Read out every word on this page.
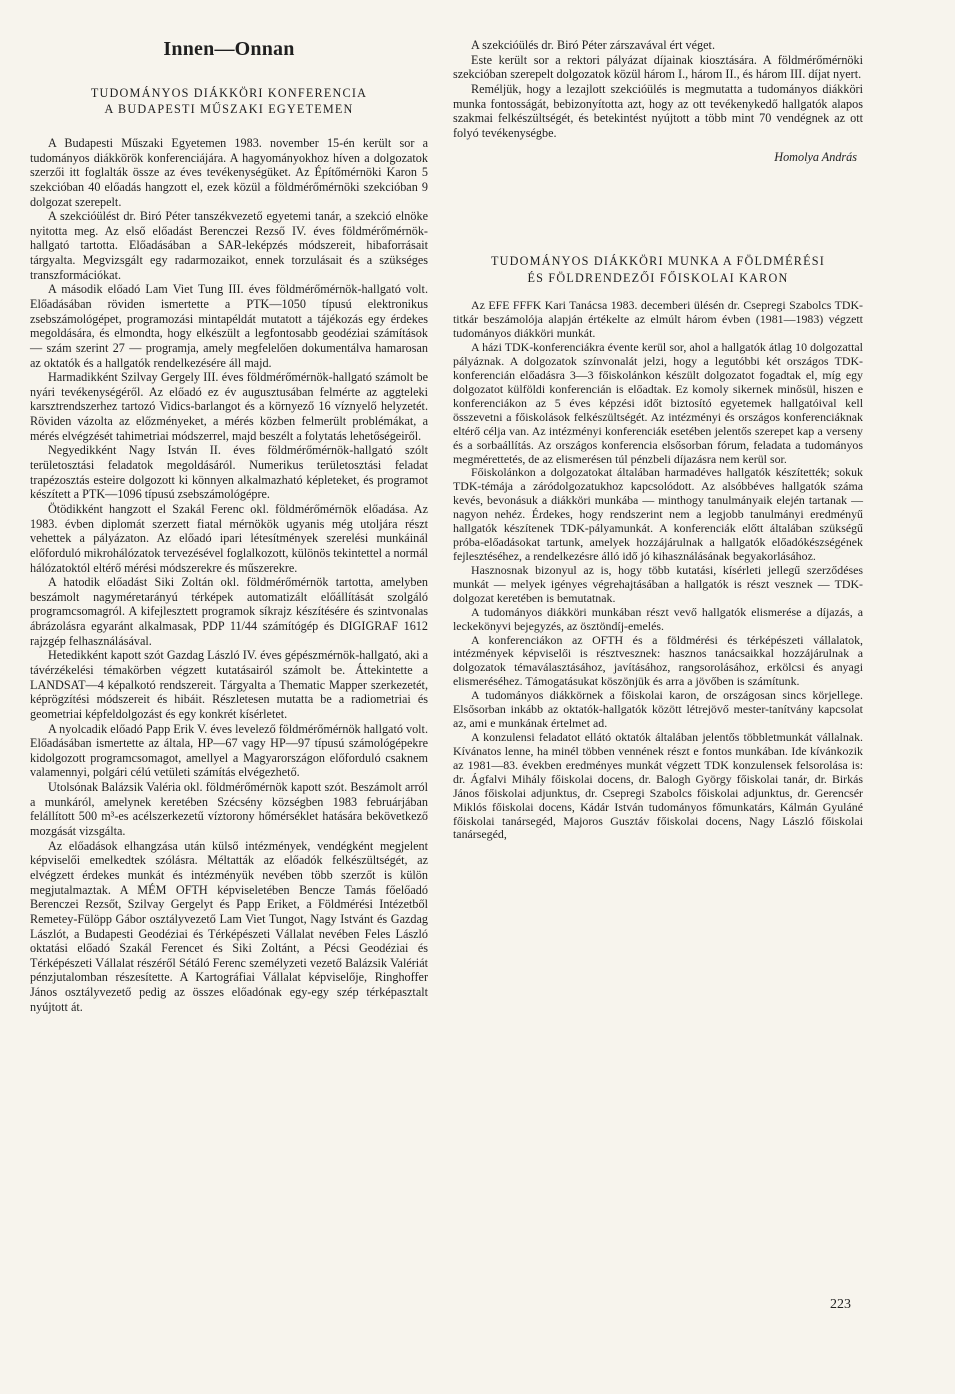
Innen—Onnan
TUDOMÁNYOS DIÁKKÖRI KONFERENCIA
A BUDAPESTI MŰSZAKI EGYETEMEN

A Budapesti Műszaki Egyetemen 1983. november 15-én került sor a tudományos diákkörök konferenciájára. A hagyományokhoz híven a dolgozatok szerzői itt foglalták össze az éves tevékenységüket. Az Építőmérnöki Karon 5 szekcióban 40 előadás hangzott el, ezek közül a földmérőmérnöki szekcióban 9 dolgozat szerepelt.

A szekcióülést dr. Biró Péter tanszékvezető egyetemi tanár, a szekció elnöke nyitotta meg. Az első előadást Berenczei Rezső IV. éves földmérőmérnök-hallgató tartotta. Előadásában a SAR-leképzés módszereit, hibaforrásait tárgyalta. Megvizsgált egy radarmozaikot, ennek torzulásait és a szükséges transzformációkat.

A második előadó Lam Viet Tung III. éves földmérőmérnök-hallgató volt. Előadásában röviden ismertette a PTK—1050 típusú elektronikus zsebszámológépet, programozási mintapéldát mutatott a tájékozás egy érdekes megoldására, és elmondta, hogy elkészült a legfontosabb geodéziai számítások — szám szerint 27 — programja, amely megfelelően dokumentálva hamarosan az oktatók és a hallgatók rendelkezésére áll majd.

Harmadikként Szilvay Gergely III. éves földmérőmérnök-hallgató számolt be nyári tevékenységéről. Az előadó ez év augusztusában felmérte az aggteleki karsztrendszerhez tartozó Vidics-barlangot és a környező 16 víznyelő helyzetét. Röviden vázolta az előzményeket, a mérés közben felmerült problémákat, a mérés elvégzését tahimetriai módszerrel, majd beszélt a folytatás lehetőségeiről.

Negyedikként Nagy István II. éves földmérőmérnök-hallgató szólt területosztási feladatok megoldásáról. Numerikus területosztási feladat trapézosztás esteire dolgozott ki könnyen alkalmazható képleteket, és programot készített a PTK—1096 típusú zsebszámológépre.

Ötödikként hangzott el Szakál Ferenc okl. földmérőmérnök előadása. Az 1983. évben diplomát szerzett fiatal mérnökök ugyanis még utoljára részt vehettek a pályázaton. Az előadó ipari létesítmények szerelési munkáinál előforduló mikrohálózatok tervezésével foglalkozott, különös tekintettel a normál hálózatoktól eltérő mérési módszerekre és műszerekre.

A hatodik előadást Siki Zoltán okl. földmérőmérnök tartotta, amelyben beszámolt nagyméretarányú térképek automatizált előállítását szolgáló programcsomagról. A kifejlesztett programok síkrajz készítésére és szintvonalas ábrázolásra egyaránt alkalmasak, PDP 11/44 számítógép és DIGIGRAF 1612 rajzgép felhasználásával.

Hetedikként kapott szót Gazdag László IV. éves gépészmérnök-hallgató, aki a távérzékelési témakörben végzett kutatásairól számolt be. Áttekintette a LANDSAT—4 képalkotó rendszereit. Tárgyalta a Thematic Mapper szerkezetét, képrögzítési módszereit és hibáit. Részletesen mutatta be a radiometriai és geometriai képfeldolgozást és egy konkrét kísérletet.

A nyolcadik előadó Papp Erik V. éves levelező földmérőmérnök hallgató volt. Előadásában ismertette az általa, HP—67 vagy HP—97 típusú számológépekre kidolgozott programcsomagot, amellyel a Magyarországon előforduló csaknem valamennyi, polgári célú vetületi számítás elvégezhető.

Utolsónak Balázsik Valéria okl. földmérőmérnök kapott szót. Beszámolt arról a munkáról, amelynek keretében Szécsény községben 1983 februárjában felállított 500 m³-es acélszerkezetű víztorony hőmérséklet hatására bekövetkező mozgását vizsgálta.

Az előadások elhangzása után külső intézmények, vendégként megjelent képviselői emelkedtek szólásra. Méltatták az előadók felkészültségét, az elvégzett érdekes munkát és intézményük nevében több szerzőt is külön megjutalmaztak. A MÉM OFTH képviseletében Bencze Tamás főelőadó Berenczei Rezsőt, Szilvay Gergelyt és Papp Eriket, a Földmérési Intézetből Remetey-Fülöpp Gábor osztályvezető Lam Viet Tungot, Nagy Istvánt és Gazdag Lászlót, a Budapesti Geodéziai és Térképészeti Vállalat nevében Feles László oktatási előadó Szakál Ferencet és Siki Zoltánt, a Pécsi Geodéziai és Térképészeti Vállalat részéről Sétáló Ferenc személyzeti vezető Balázsik Valériát pénzjutalomban részesítette. A Kartográfiai Vállalat képviselője, Ringhoffer János osztályvezető pedig az összes előadónak egy-egy szép térképasztalt nyújtott át.

A szekcióülés dr. Biró Péter zárszavával ért véget.

Este került sor a rektori pályázat díjainak kiosztására. A földmérőmérnöki szekcióban szerepelt dolgozatok közül három I., három II., és három III. díjat nyert.

Reméljük, hogy a lezajlott szekcióülés is megmutatta a tudományos diákköri munka fontosságát, bebizonyította azt, hogy az ott tevékenykedő hallgatók alapos szakmai felkészültségét, és betekintést nyújtott a több mint 70 vendégnek az ott folyó tevékenységbe.

Homolya András
TUDOMÁNYOS DIÁKKÖRI MUNKA A FÖLDMÉRÉSI
ÉS FÖLDRENDEZŐI FŐISKOLAI KARON

Az EFE FFFK Kari Tanácsa 1983. decemberi ülésén dr. Csepregi Szabolcs TDK-titkár beszámolója alapján értékelte az elmúlt három évben (1981—1983) végzett tudományos diákköri munkát.

A házi TDK-konferenciákra évente kerül sor, ahol a hallgatók átlag 10 dolgozattal pályáznak. A dolgozatok színvonalát jelzi, hogy a legutóbbi két országos TDK-konferencián előadásra 3—3 főiskolánkon készült dolgozatot fogadtak el, míg egy dolgozatot külföldi konferencián is előadtak. Ez komoly sikernek minősül, hiszen e konferenciákon az 5 éves képzési időt biztosító egyetemek hallgatóival kell összevetni a főiskolások felkészültségét. Az intézményi és országos konferenciáknak eltérő célja van. Az intézményi konferenciák esetében jelentős szerepet kap a verseny és a sorbaállítás. Az országos konferencia elsősorban fórum, feladata a tudományos megmérettetés, de az elismerésen túl pénzbeli díjazásra nem kerül sor.

Főiskolánkon a dolgozatokat általában harmadéves hallgatók készítették; sokuk TDK-témája a záródolgozatukhoz kapcsolódott. Az alsóbbéves hallgatók száma kevés, bevonásuk a diákköri munkába — minthogy tanulmányaik elején tartanak — nagyon nehéz. Érdekes, hogy rendszerint nem a legjobb tanulmányi eredményű hallgatók készítenek TDK-pályamunkát. A konferenciák előtt általában szükségű próba-előadásokat tartunk, amelyek hozzájárulnak a hallgatók előadókészségének fejlesztéséhez, a rendelkezésre álló idő jó kihasználásának begyakorlásához.

Hasznosnak bizonyul az is, hogy több kutatási, kísérleti jellegű szerződéses munkát — melyek igényes végrehajtásában a hallgatók is részt vesznek — TDK-dolgozat keretében is bemutatnak.

A tudományos diákköri munkában részt vevő hallgatók elismerése a díjazás, a leckekönyvi bejegyzés, az ösztöndíj-emelés.

A konferenciákon az OFTH és a földmérési és térképészeti vállalatok, intézmények képviselői is résztvesznek: hasznos tanácsaikkal hozzájárulnak a dolgozatok témaválasztásához, javításához, rangsorolásához, erkölcsi és anyagi elismeréséhez. Támogatásukat köszönjük és arra a jövőben is számítunk.

A tudományos diákkörnek a főiskolai karon, de országosan sincs körjellege. Elsősorban inkább az oktatók-hallgatók között létrejövő mester-tanítvány kapcsolat az, ami e munkának értelmet ad.

A konzulensi feladatot ellátó oktatók általában jelentős többletmunkát vállalnak. Kívánatos lenne, ha minél többen vennének részt e fontos munkában. Ide kívánkozik az 1981—83. években eredményes munkát végzett TDK konzulensek felsorolása is: dr. Ágfalvi Mihály főiskolai docens, dr. Balogh György főiskolai tanár, dr. Birkás János főiskolai adjunktus, dr. Csepregi Szabolcs főiskolai adjunktus, dr. Gerencsér Miklós főiskolai docens, Kádár István tudományos főmunkatárs, Kálmán Gyuláné főiskolai tanársegéd, Majoros Gusztáv főiskolai docens, Nagy László főiskolai tanársegéd,

223
